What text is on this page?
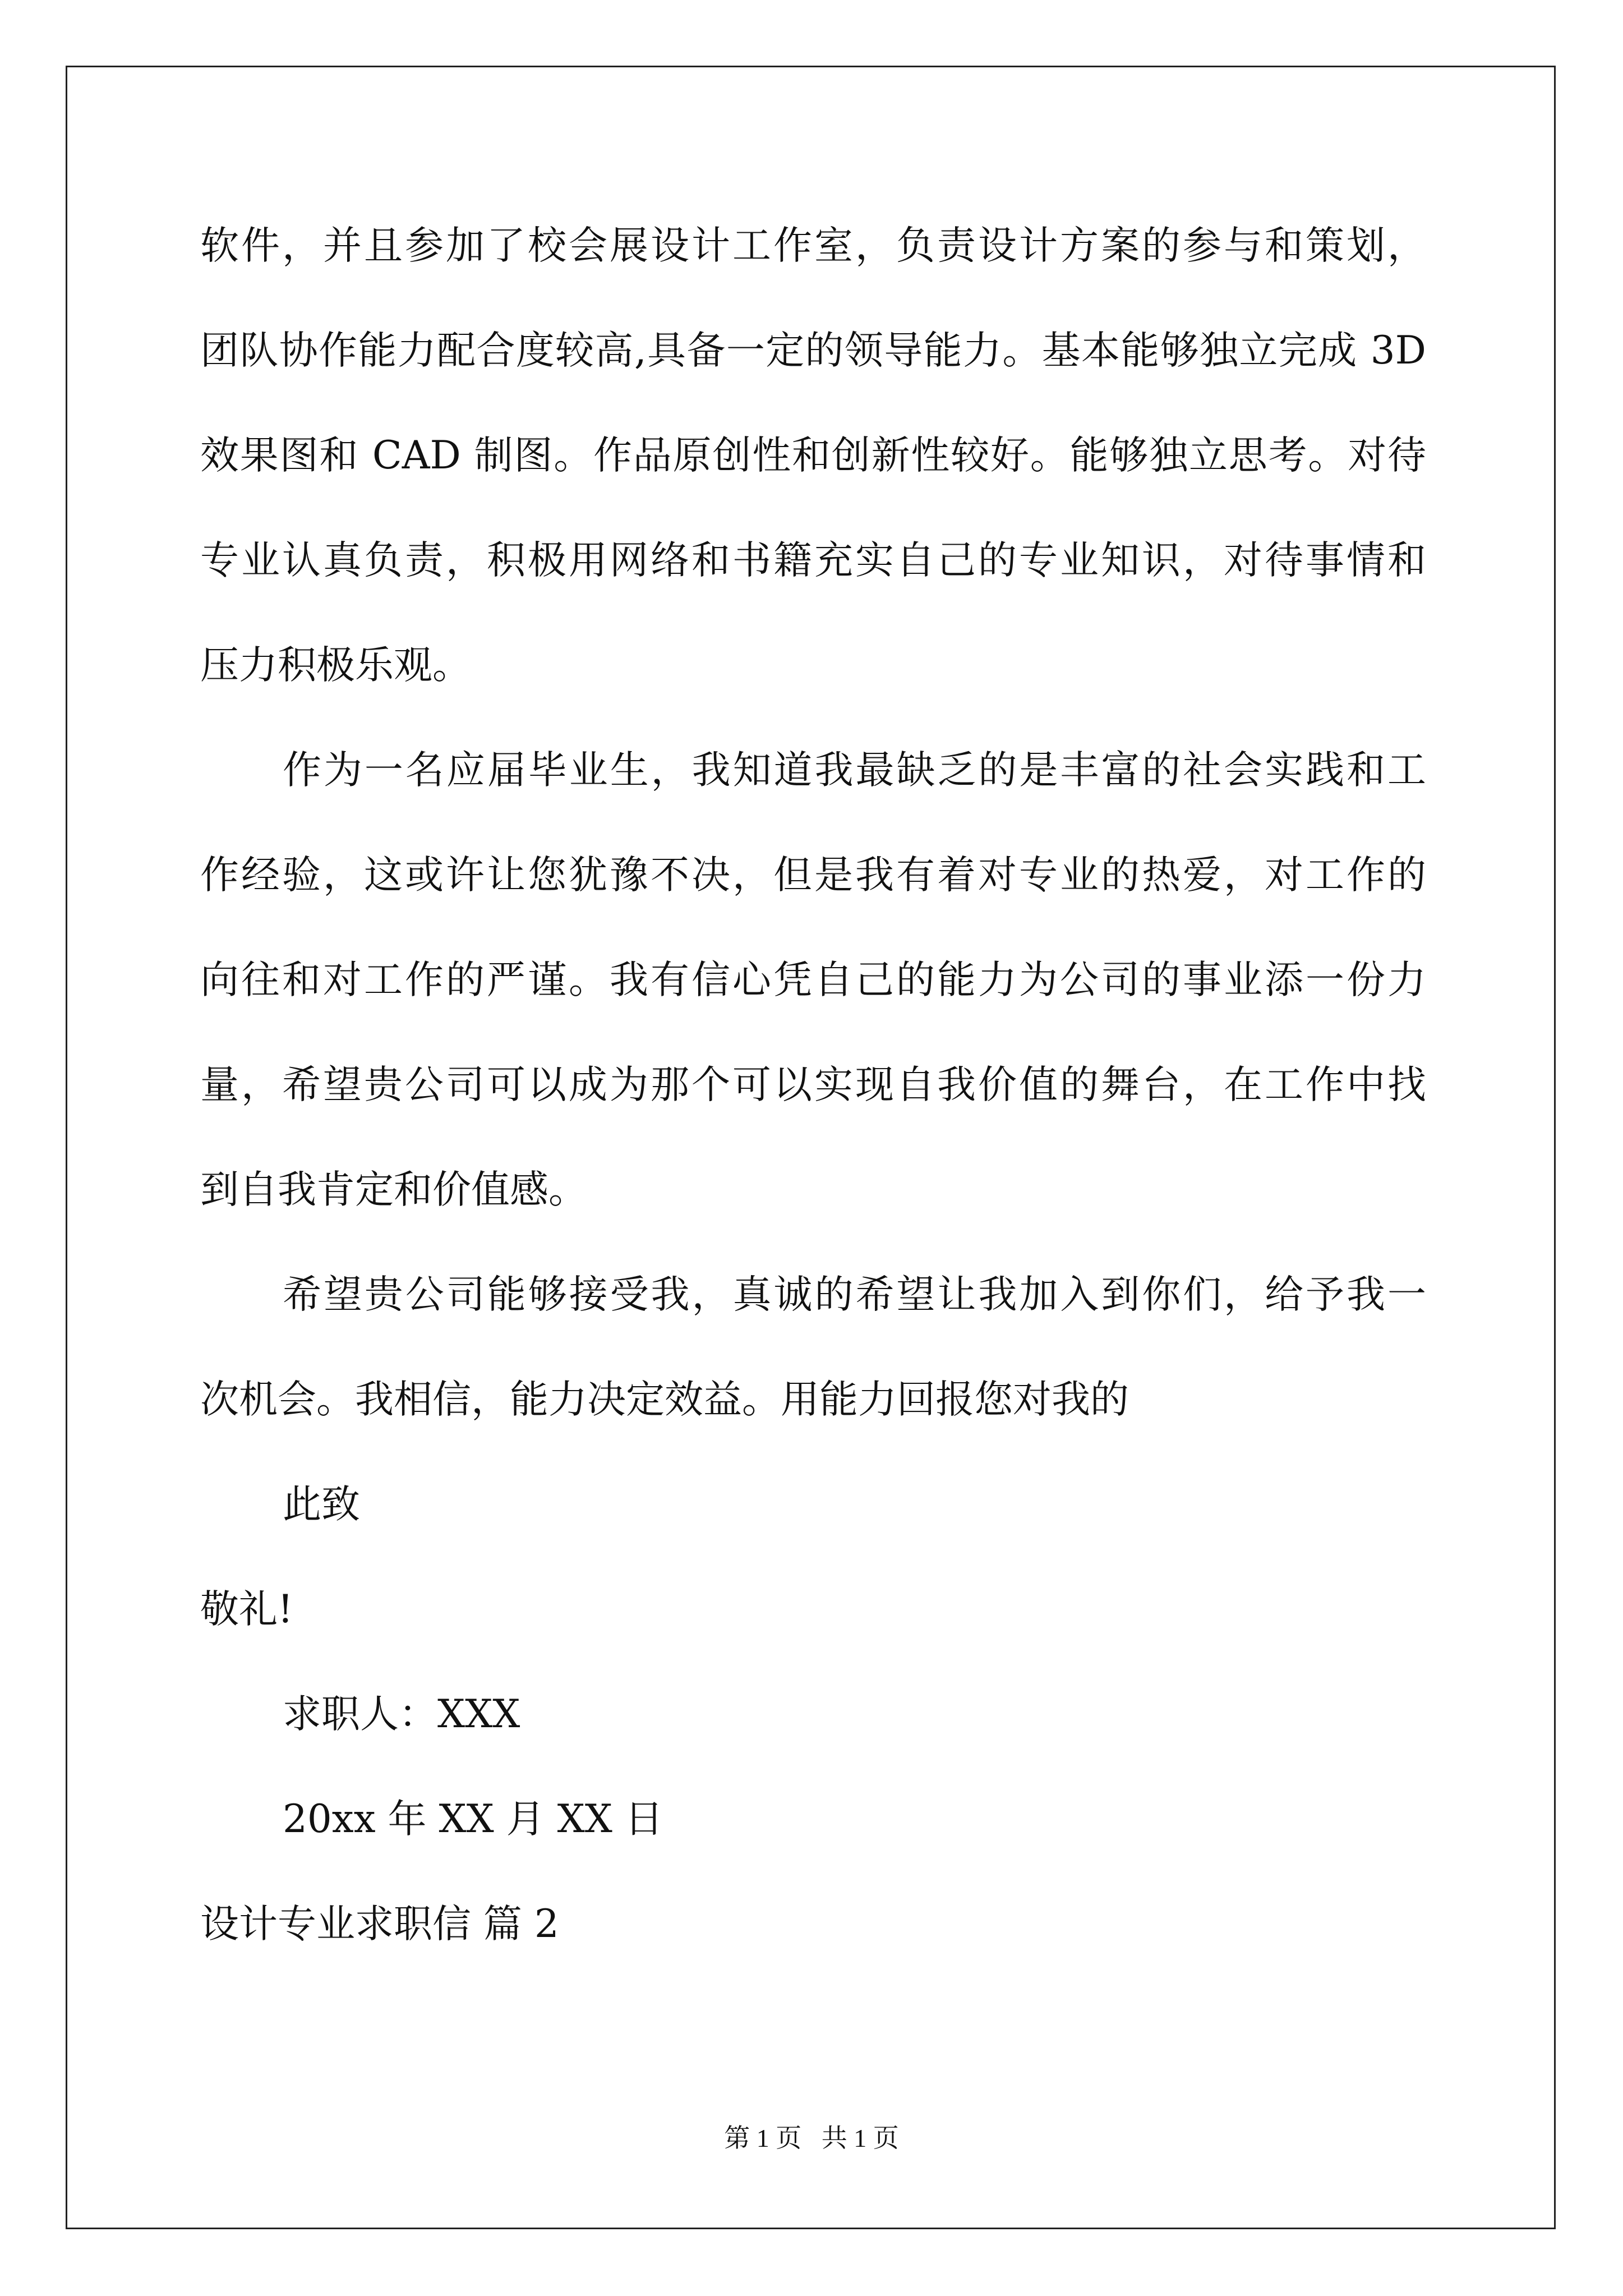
软件，并且参加了校会展设计工作室，负责设计方案的参与和策划，
团队协作能力配合度较高,具备一定的领导能力。基本能够独立完成 3D
效果图和 CAD 制图。作品原创性和创新性较好。能够独立思考。对待
专业认真负责，积极用网络和书籍充实自己的专业知识，对待事情和
压力积极乐观。
作为一名应届毕业生，我知道我最缺乏的是丰富的社会实践和工
作经验，这或许让您犹豫不决，但是我有着对专业的热爱，对工作的
向往和对工作的严谨。我有信心凭自己的能力为公司的事业添一份力
量，希望贵公司可以成为那个可以实现自我价值的舞台，在工作中找
到自我肯定和价值感。
希望贵公司能够接受我，真诚的希望让我加入到你们，给予我一
次机会。我相信，能力决定效益。用能力回报您对我的
此致
敬礼!
求职人：XXX
20xx 年 XX 月 XX 日
设计专业求职信 篇 2
第 1 页 共 1 页
